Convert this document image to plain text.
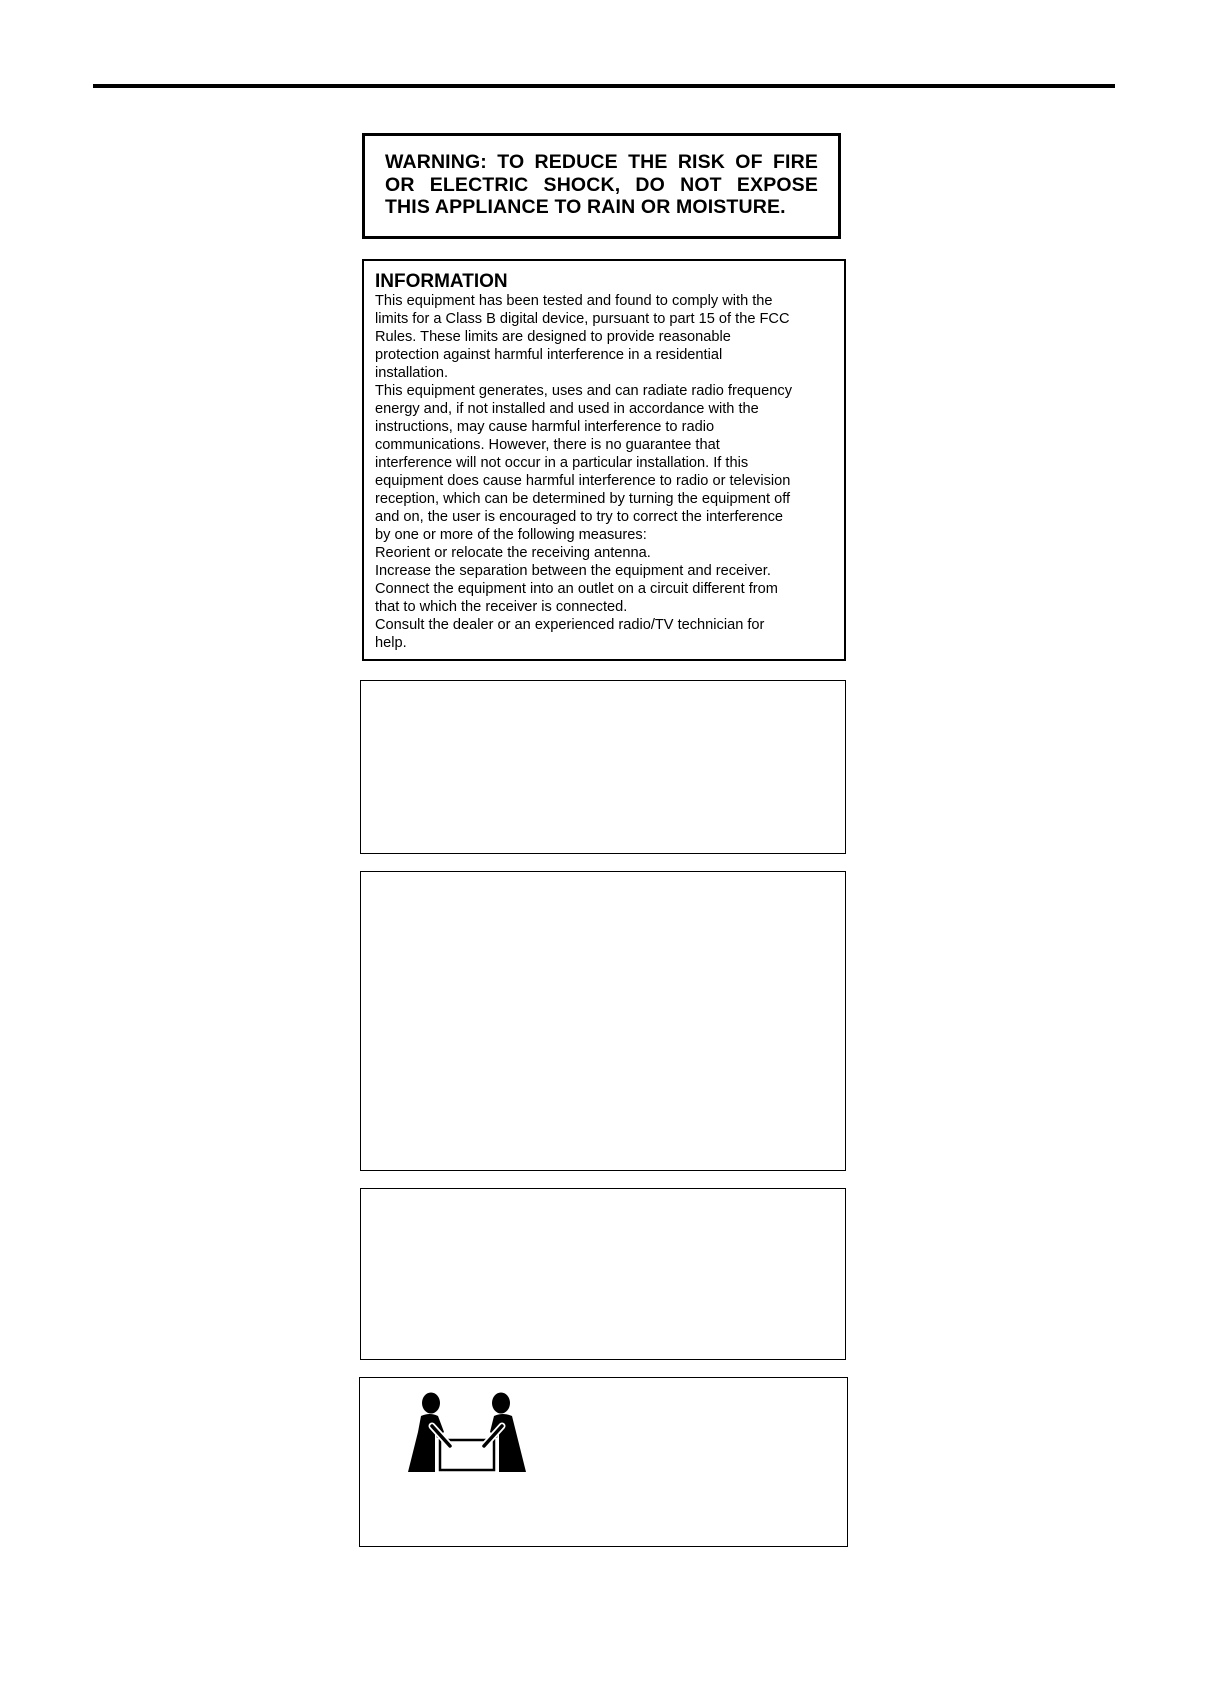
WARNING: TO REDUCE THE RISK OF FIRE OR ELECTRIC SHOCK, DO NOT EXPOSE THIS APPLIANCE TO RAIN OR MOISTURE.
INFORMATION
This equipment has been tested and found to comply with the
limits for a Class B digital device, pursuant to part 15 of the FCC
Rules. These limits are designed to provide reasonable
protection against harmful interference in a residential
installation.
This equipment generates, uses and can radiate radio frequency
energy and, if not installed and used in accordance with the
instructions, may cause harmful interference to radio
communications. However, there is no guarantee that
interference will not occur in a particular installation. If this
equipment does cause harmful interference to radio or television
reception, which can be determined by turning the equipment off
and on, the user is encouraged to try to correct the interference
by one or more of the following measures:
Reorient or relocate the receiving antenna.
Increase the separation between the equipment and receiver.
Connect the equipment into an outlet on a circuit different from
that to which the receiver is connected.
Consult the dealer or an experienced radio/TV technician for
help.
